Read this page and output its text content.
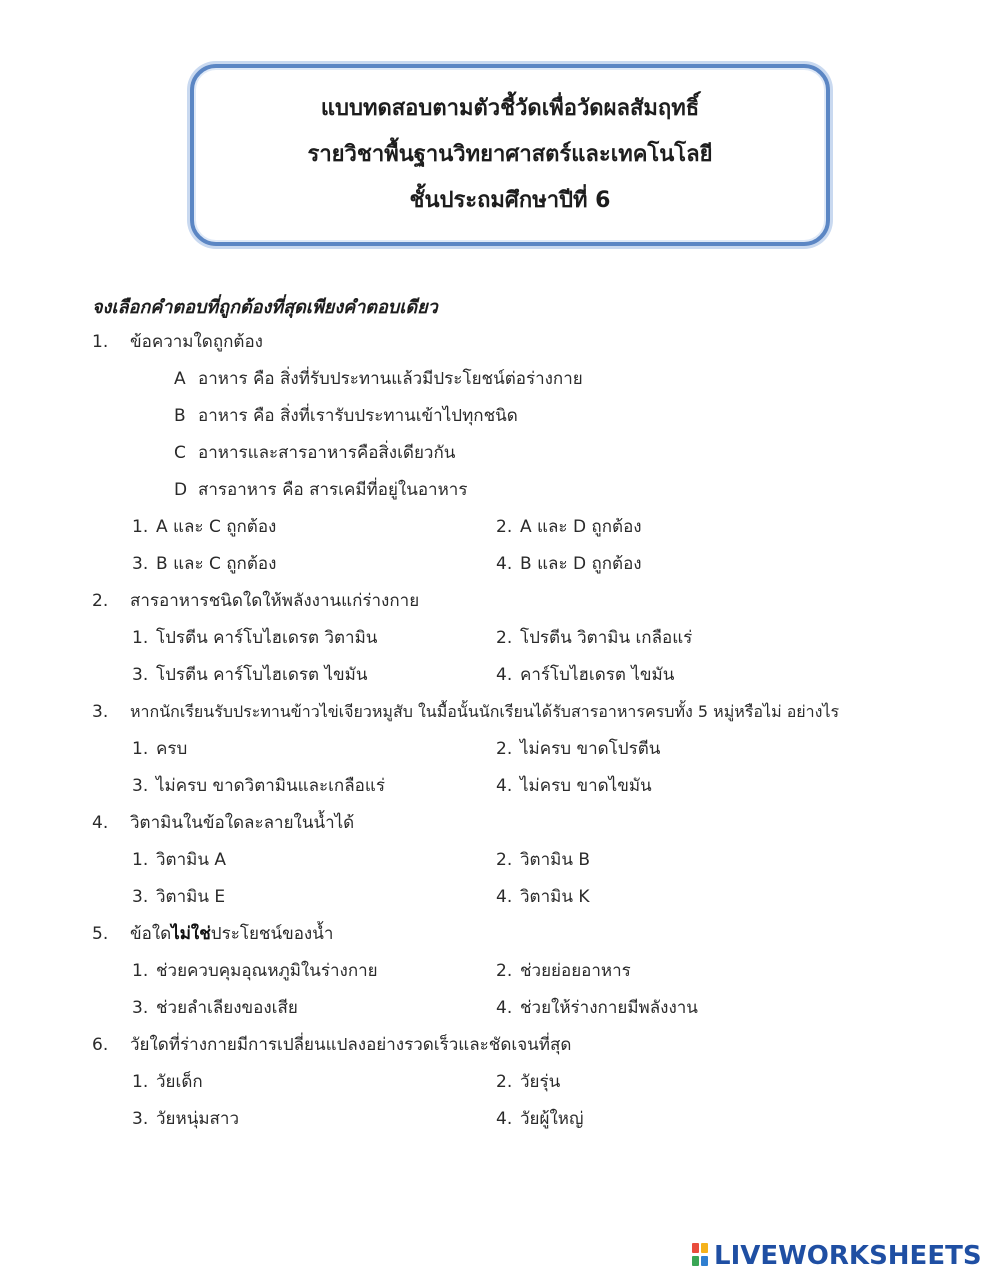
แบบทดสอบตามตัวชี้วัดเพื่อวัดผลสัมฤทธิ์
รายวิชาพื้นฐานวิทยาศาสตร์และเทคโนโลยี
ชั้นประถมศึกษาปีที่ 6
จงเลือกคำตอบที่ถูกต้องที่สุดเพียงคำตอบเดียว
1. ข้อความใดถูกต้อง
A อาหาร คือ สิ่งที่รับประทานแล้วมีประโยชน์ต่อร่างกาย
B อาหาร คือ สิ่งที่เรารับประทานเข้าไปทุกชนิด
C อาหารและสารอาหารคือสิ่งเดียวกัน
D สารอาหาร คือ สารเคมีที่อยู่ในอาหาร
1. A และ C ถูกต้อง	2. A และ D ถูกต้อง
3. B และ C ถูกต้อง	4. B และ D ถูกต้อง
2. สารอาหารชนิดใดให้พลังงานแก่ร่างกาย
1. โปรตีน คาร์โบไฮเดรต วิตามิน	2. โปรตีน วิตามิน เกลือแร่
3. โปรตีน คาร์โบไฮเดรต ไขมัน	4. คาร์โบไฮเดรต ไขมัน
3. หากนักเรียนรับประทานข้าวไข่เจียวหมูสับ ในมื้อนั้นนักเรียนได้รับสารอาหารครบทั้ง 5 หมู่หรือไม่ อย่างไร
1. ครบ	2. ไม่ครบ ขาดโปรตีน
3. ไม่ครบ ขาดวิตามินและเกลือแร่	4. ไม่ครบ ขาดไขมัน
4. วิตามินในข้อใดละลายในน้ำได้
1. วิตามิน A	2. วิตามิน B
3. วิตามิน E	4. วิตามิน K
5. ข้อใดไม่ใช่ประโยชน์ของน้ำ
1. ช่วยควบคุมอุณหภูมิในร่างกาย	2. ช่วยย่อยอาหาร
3. ช่วยลำเลียงของเสีย	4. ช่วยให้ร่างกายมีพลังงาน
6. วัยใดที่ร่างกายมีการเปลี่ยนแปลงอย่างรวดเร็วและชัดเจนที่สุด
1. วัยเด็ก	2. วัยรุ่น
3. วัยหนุ่มสาว	4. วัยผู้ใหญ่
LIVEWORKSHEETS
